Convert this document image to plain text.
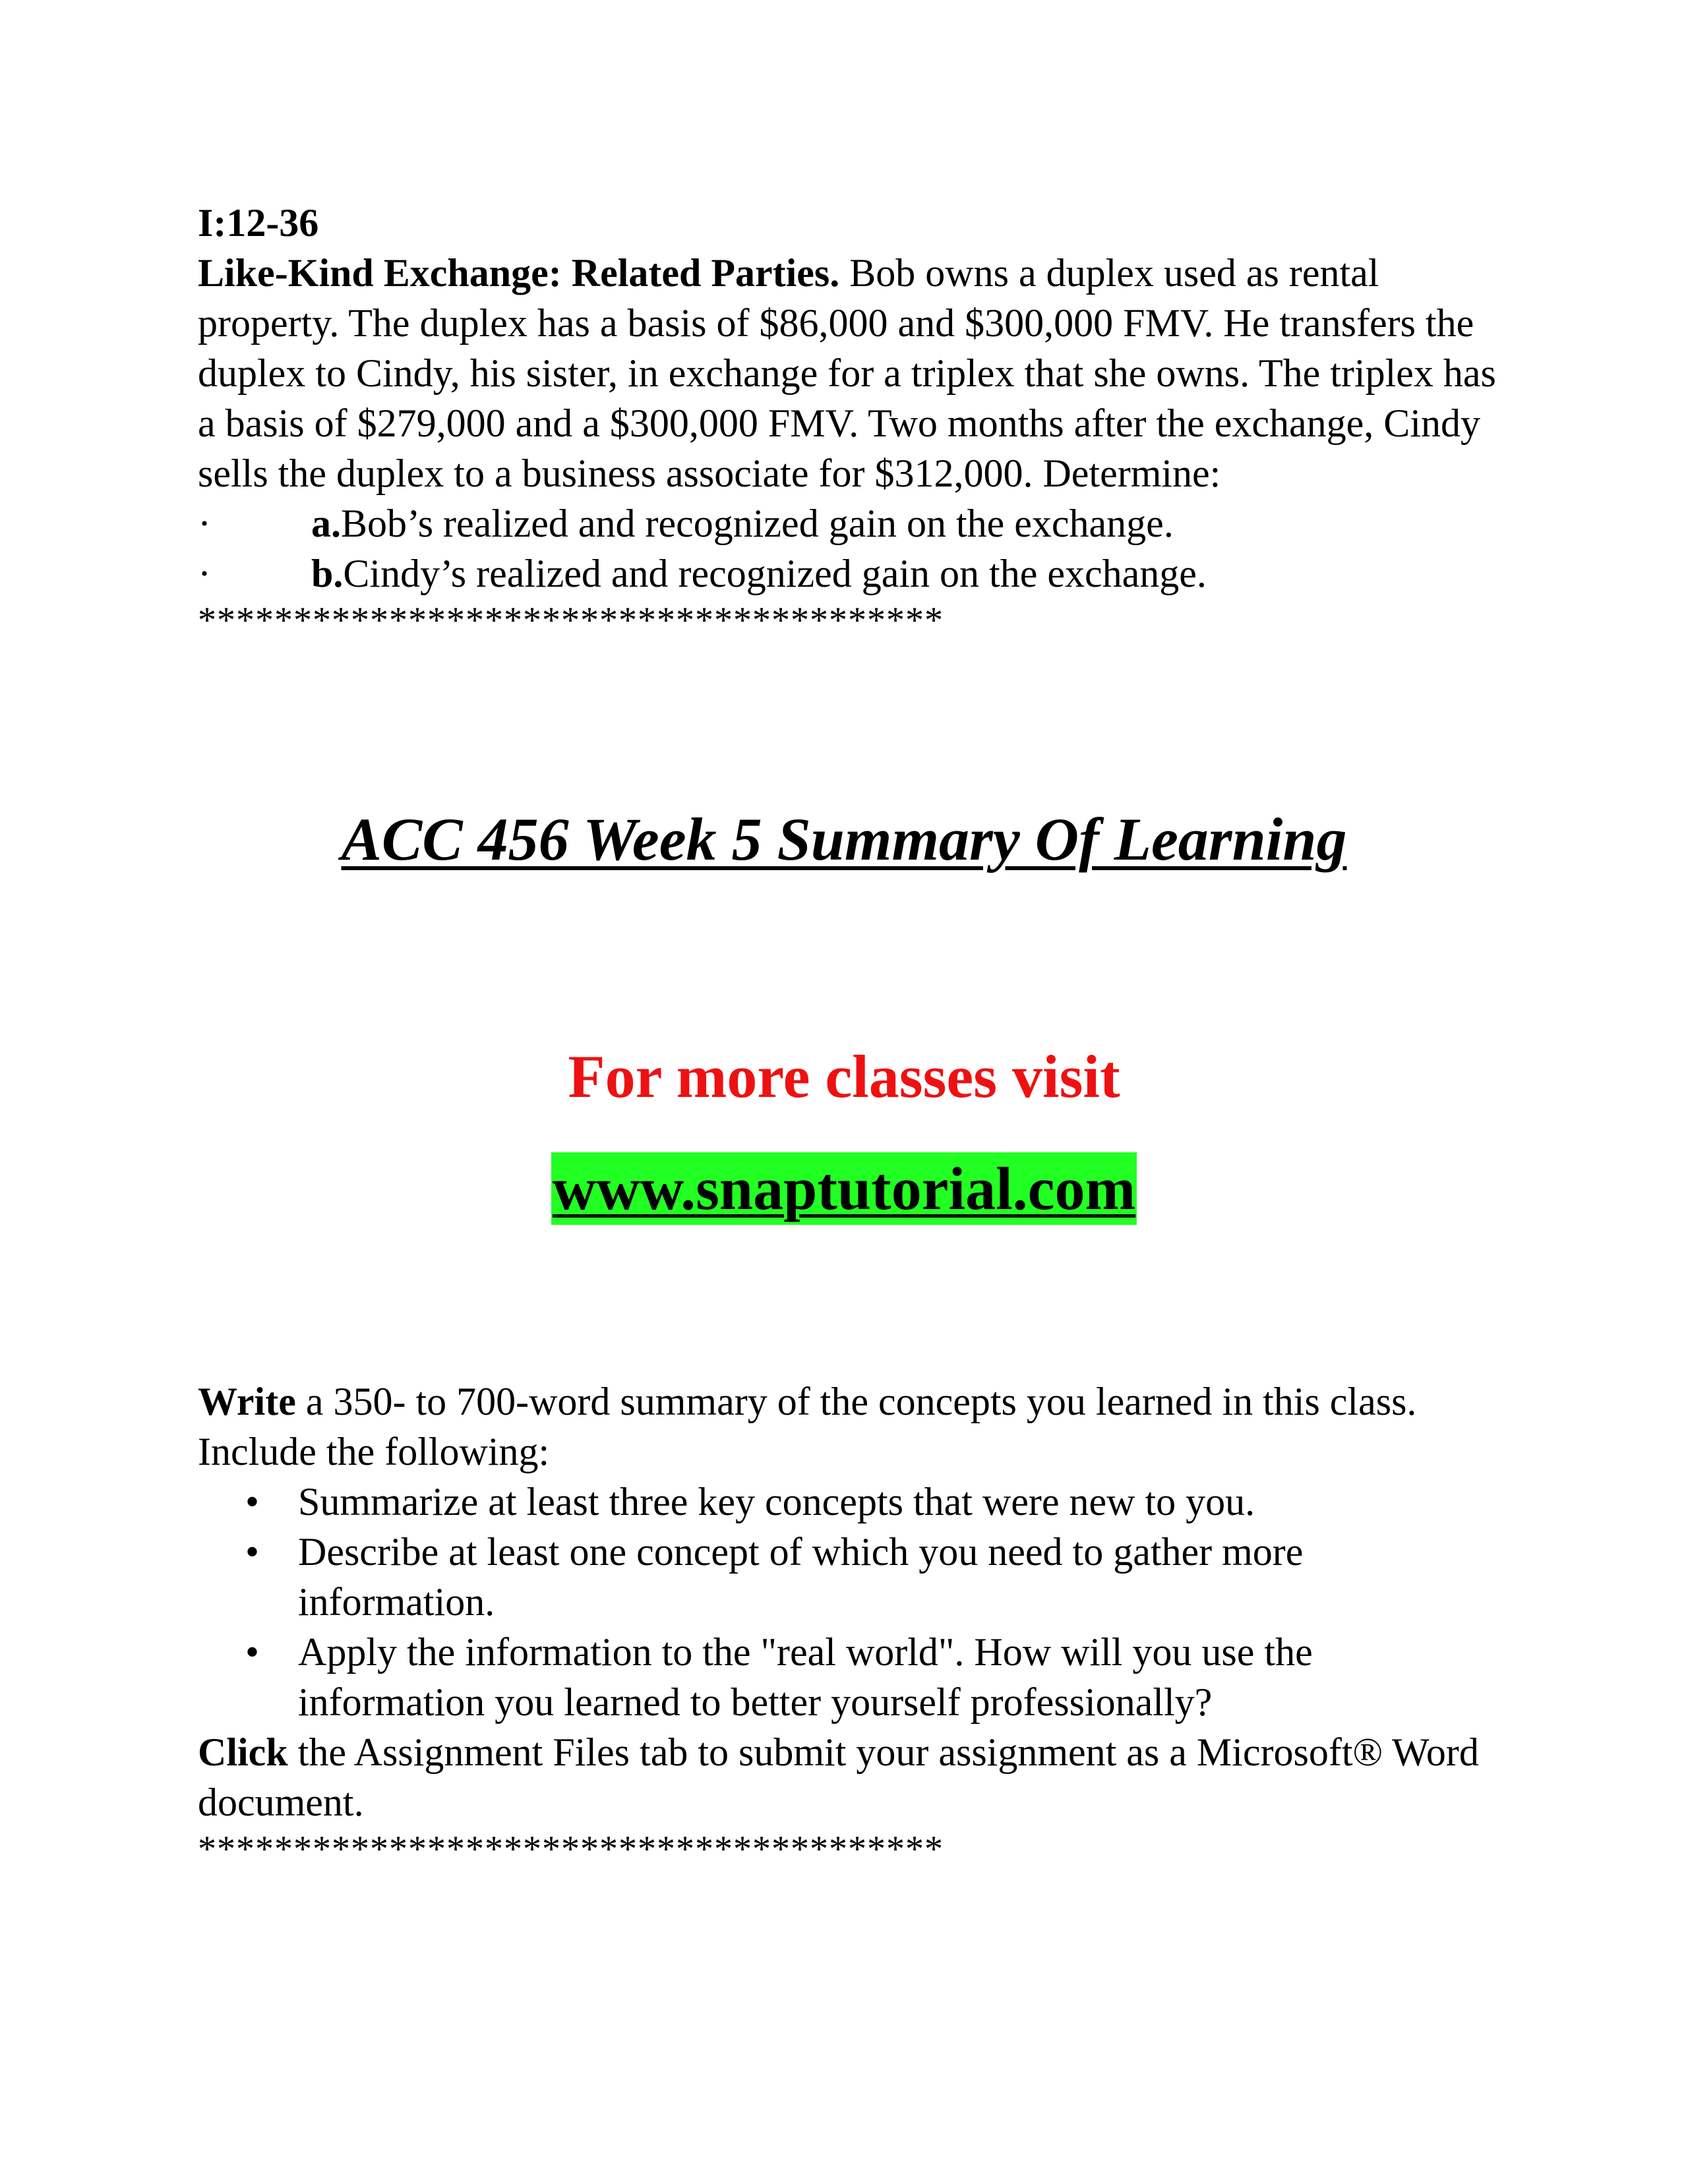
I:12-36
Like-Kind Exchange: Related Parties. Bob owns a duplex used as rental property. The duplex has a basis of $86,000 and $300,000 FMV. He transfers the duplex to Cindy, his sister, in exchange for a triplex that she owns. The triplex has a basis of $279,000 and a $300,000 FMV. Two months after the exchange, Cindy sells the duplex to a business associate for $312,000. Determine:
·	a.Bob’s realized and recognized gain on the exchange.
·	b.Cindy’s realized and recognized gain on the exchange.
***************************************
ACC 456 Week 5 Summary Of Learning
For more classes visit
www.snaptutorial.com
Write a 350- to 700-word summary of the concepts you learned in this class. Include the following:
• Summarize at least three key concepts that were new to you.
• Describe at least one concept of which you need to gather more information.
• Apply the information to the "real world". How will you use the information you learned to better yourself professionally?
Click the Assignment Files tab to submit your assignment as a Microsoft® Word document.
***************************************
